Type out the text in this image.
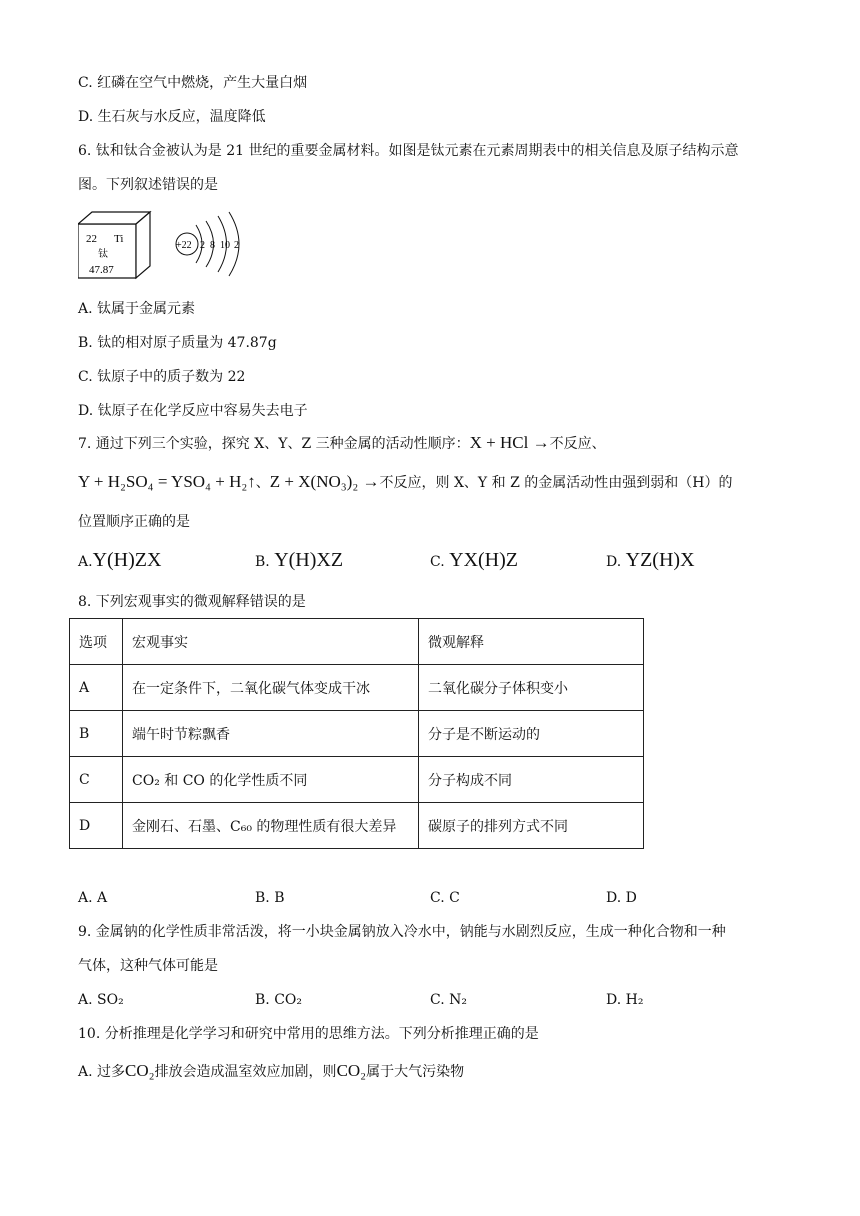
C. 红磷在空气中燃烧，产生大量白烟
D. 生石灰与水反应，温度降低
6. 钛和钛合金被认为是 21 世纪的重要金属材料。如图是钛元素在元素周期表中的相关信息及原子结构示意
图。下列叙述错误的是
22 Ti
钛
47.87
+22 2 8 10 2
A. 钛属于金属元素
B. 钛的相对原子质量为 47.87g
C. 钛原子中的质子数为 22
D. 钛原子在化学反应中容易失去电子
7. 通过下列三个实验，探究 X、Y、Z 三种金属的活动性顺序：X + HCl →不反应、
Y + H₂SO₄ = YSO₄ + H₂↑、Z + X(NO₃)₂ →不反应，则 X、Y 和 Z 的金属活动性由强到弱和（H）的
位置顺序正确的是
A.Y(H)ZX	B. Y(H)XZ	C. YX(H)Z	D. YZ(H)X
8. 下列宏观事实的微观解释错误的是
选项	宏观事实	微观解释
A	在一定条件下，二氧化碳气体变成干冰	二氧化碳分子体积变小
B	端午时节粽飘香	分子是不断运动的
C	CO₂ 和 CO 的化学性质不同	分子构成不同
D	金刚石、石墨、C₆₀ 的物理性质有很大差异	碳原子的排列方式不同
A. A	B. B	C. C	D. D
9. 金属钠的化学性质非常活泼，将一小块金属钠放入冷水中，钠能与水剧烈反应，生成一种化合物和一种
气体，这种气体可能是
A. SO₂	B. CO₂	C. N₂	D. H₂
10. 分析推理是化学学习和研究中常用的思维方法。下列分析推理正确的是
A. 过多CO₂排放会造成温室效应加剧，则CO₂属于大气污染物
